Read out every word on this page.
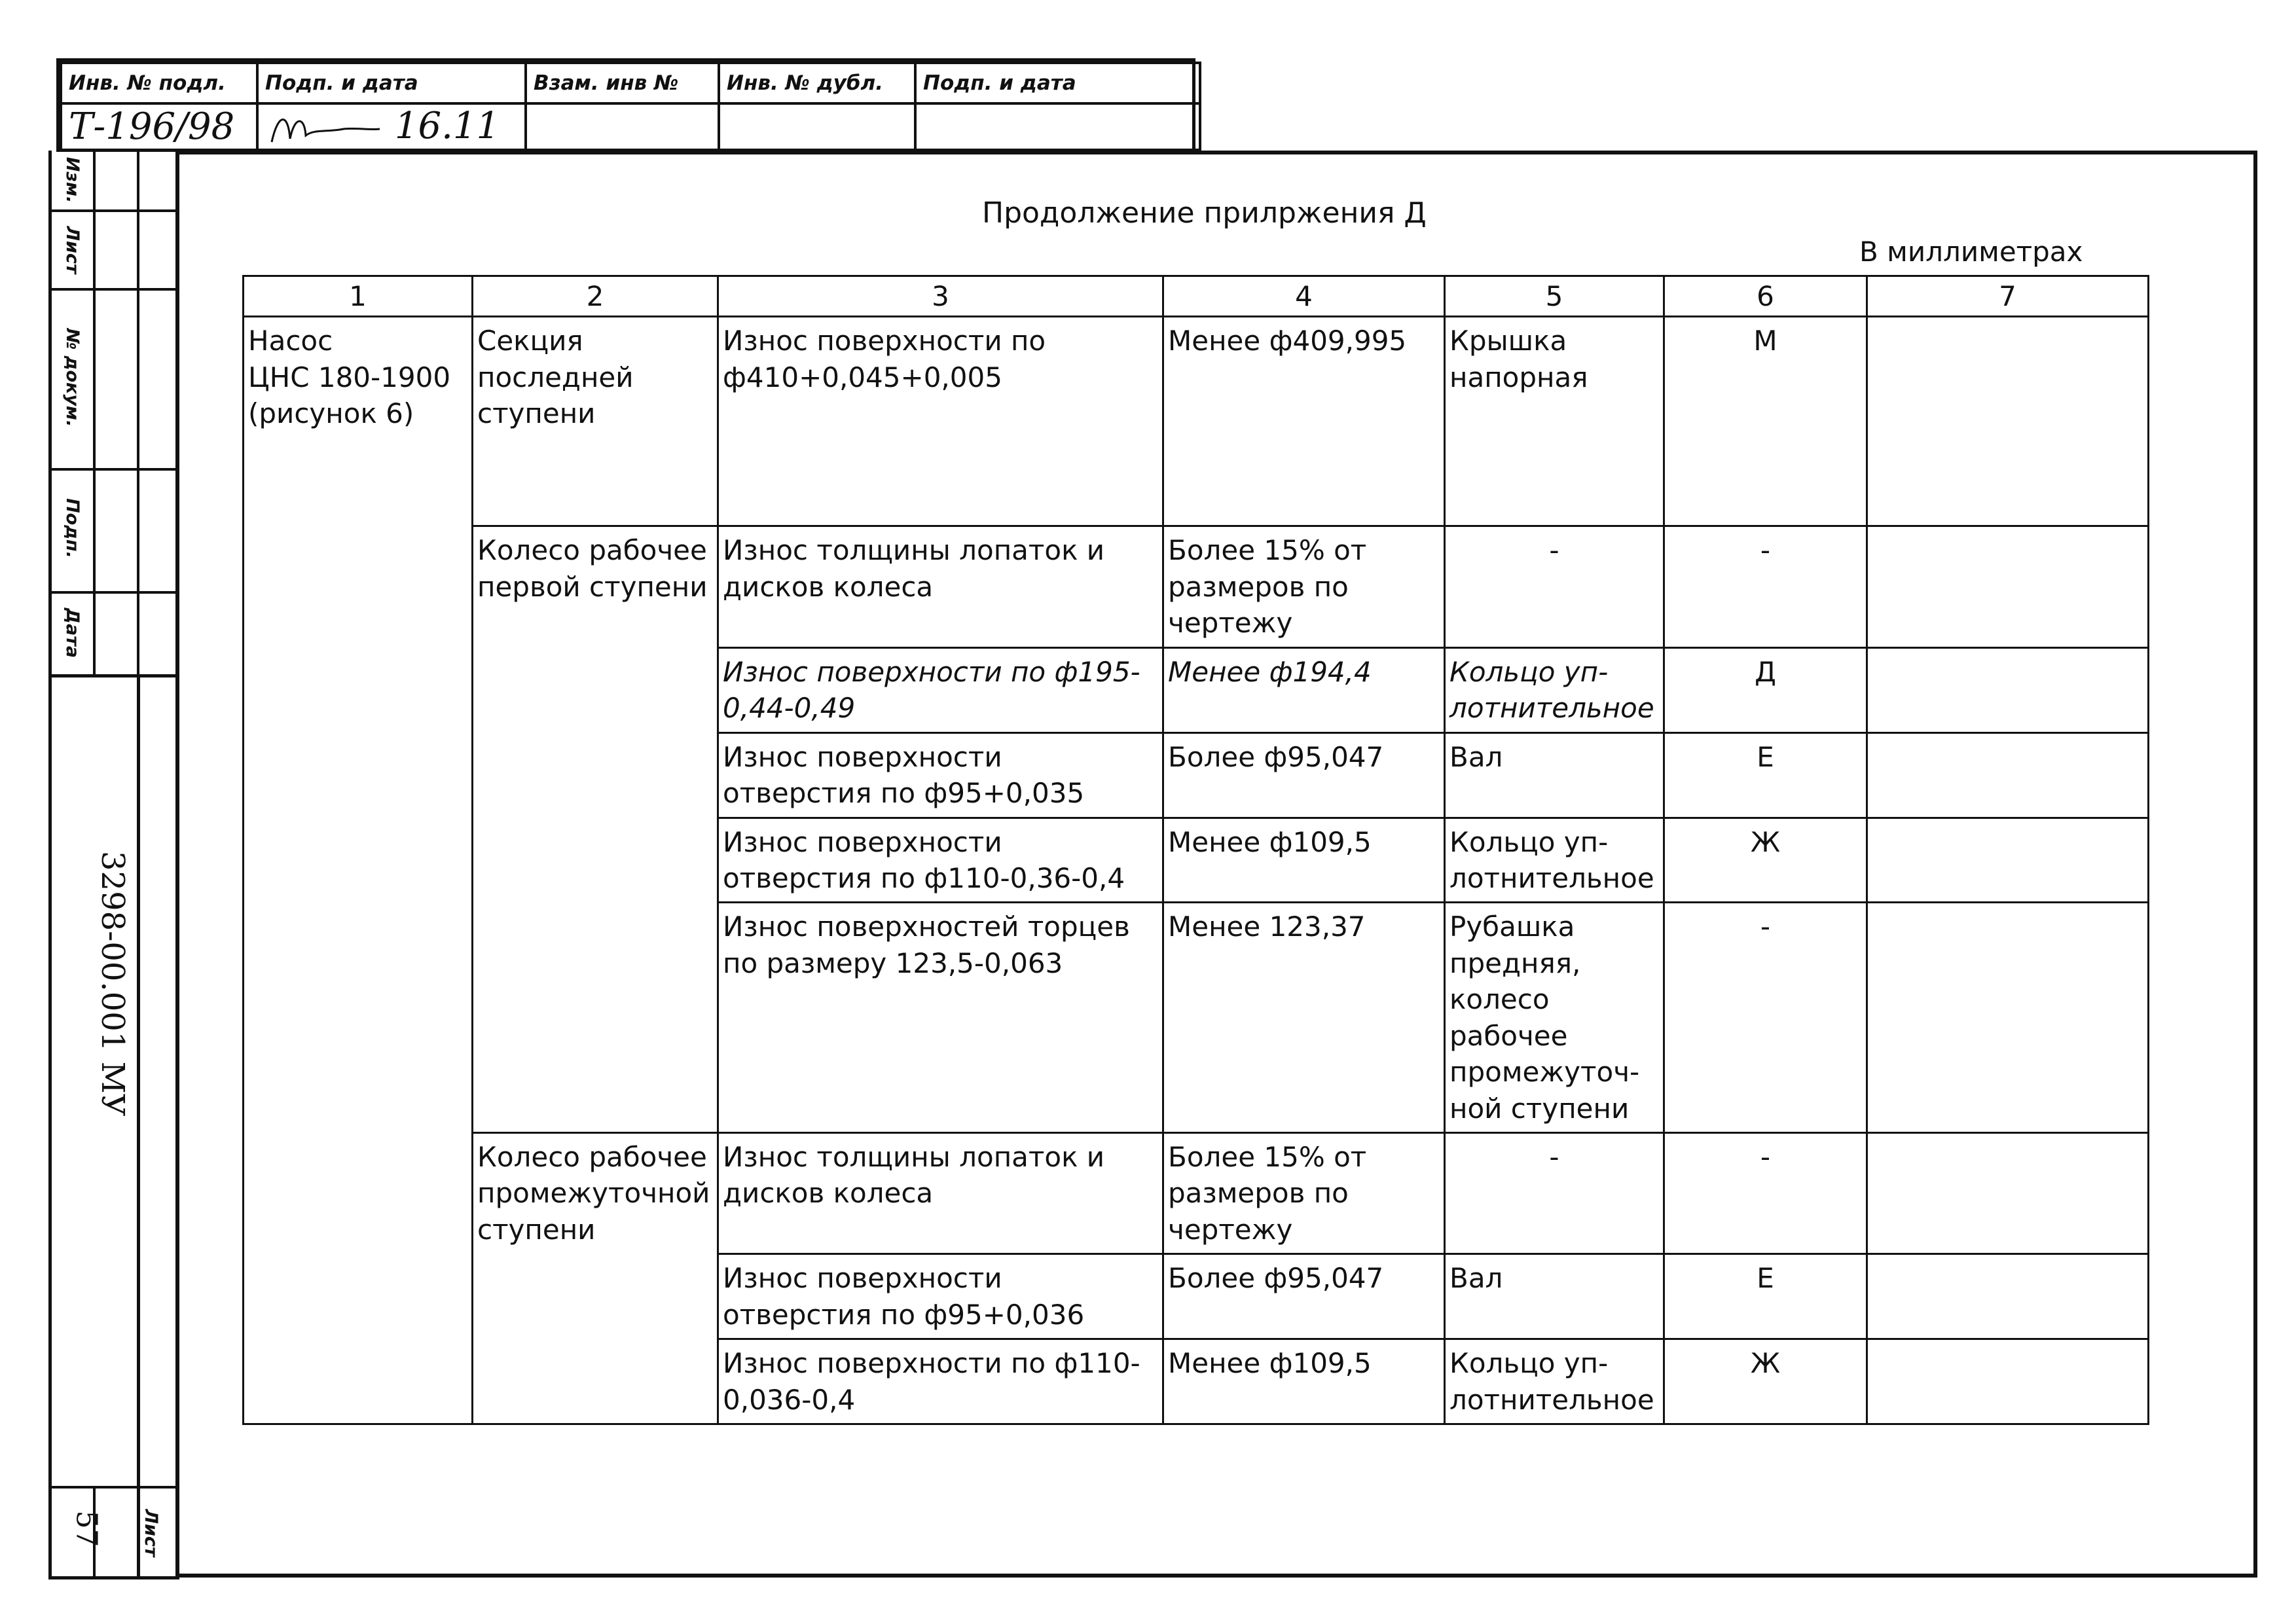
Инв. № подл.	Подп. и дата	Взам. инв №	Инв. № дубл.	Подп. и дата
Т-196/98	16.11			
Изм.
Лист
№ докум.
Подп.
Дата
Лист
3298-00.001 МУ
57
Продолжение прилржения Д
В миллиметрах
1	2	3	4	5	6	7

Насос
ЦНС 180-1900
(рисунок 6)	Секция последней ступени	Износ поверхности по ф410+0,045+0,005	Менее ф409,995	Крышка напорная	М	
	Колесо рабочее первой ступени	Износ толщины лопаток и дисков колеса	Более 15% от размеров по чертежу	-	-	
		Износ поверхности по ф195-0,44-0,49	Менее ф194,4	Кольцо уп-лотнительное	Д	
		Износ поверхности отверстия по ф95+0,035	Более ф95,047	Вал	Е	
		Износ поверхности отверстия по ф110-0,36-0,4	Менее ф109,5	Кольцо уп-лотнительное	Ж	
		Износ поверхностей торцев по размеру 123,5-0,063	Менее 123,37	Рубашка предняя, колесо рабочее промежуточ-ной ступени	-	
	Колесо рабочее промежуточной ступени	Износ толщины лопаток и дисков колеса	Более 15% от размеров по чертежу	-	-	
		Износ поверхности отверстия по ф95+0,036	Более ф95,047	Вал	Е	
		Износ поверхности по ф110-0,036-0,4	Менее ф109,5	Кольцо уп-лотнительное	Ж	
